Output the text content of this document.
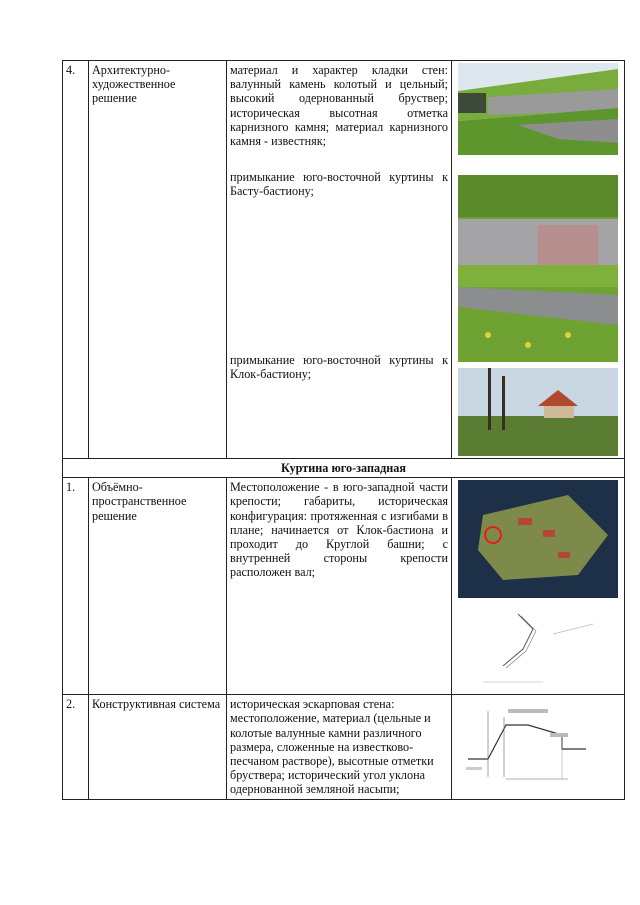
4.	Архитектурно-художественное решение	материал и характер кладки стен: валунный камень колотый и цельный; высокий одернованный бруствер; историческая высотная отметка карнизного камня; материал карнизного камня - известняк;
примыкание юго-восточной куртины к Басту-бастиону;
примыкание юго-восточной куртины к Клок-бастиону;

Куртина юго-западная			
1.	Объёмно-пространственное решение	Местоположение - в юго-западной части крепости; габариты, историческая конфигурация: протяженная с изгибами в плане; начинается от Клок-бастиона и проходит до Круглой башни; с внутренней стороны крепости расположен вал;

2.	Конструктивная система	историческая эскарповая стена: местоположение, материал (цельные и колотые валунные камни различного размера, сложенные на известково-песчаном растворе), высотные отметки бруствера; исторический угол уклона одернованной земляной насыпи;
